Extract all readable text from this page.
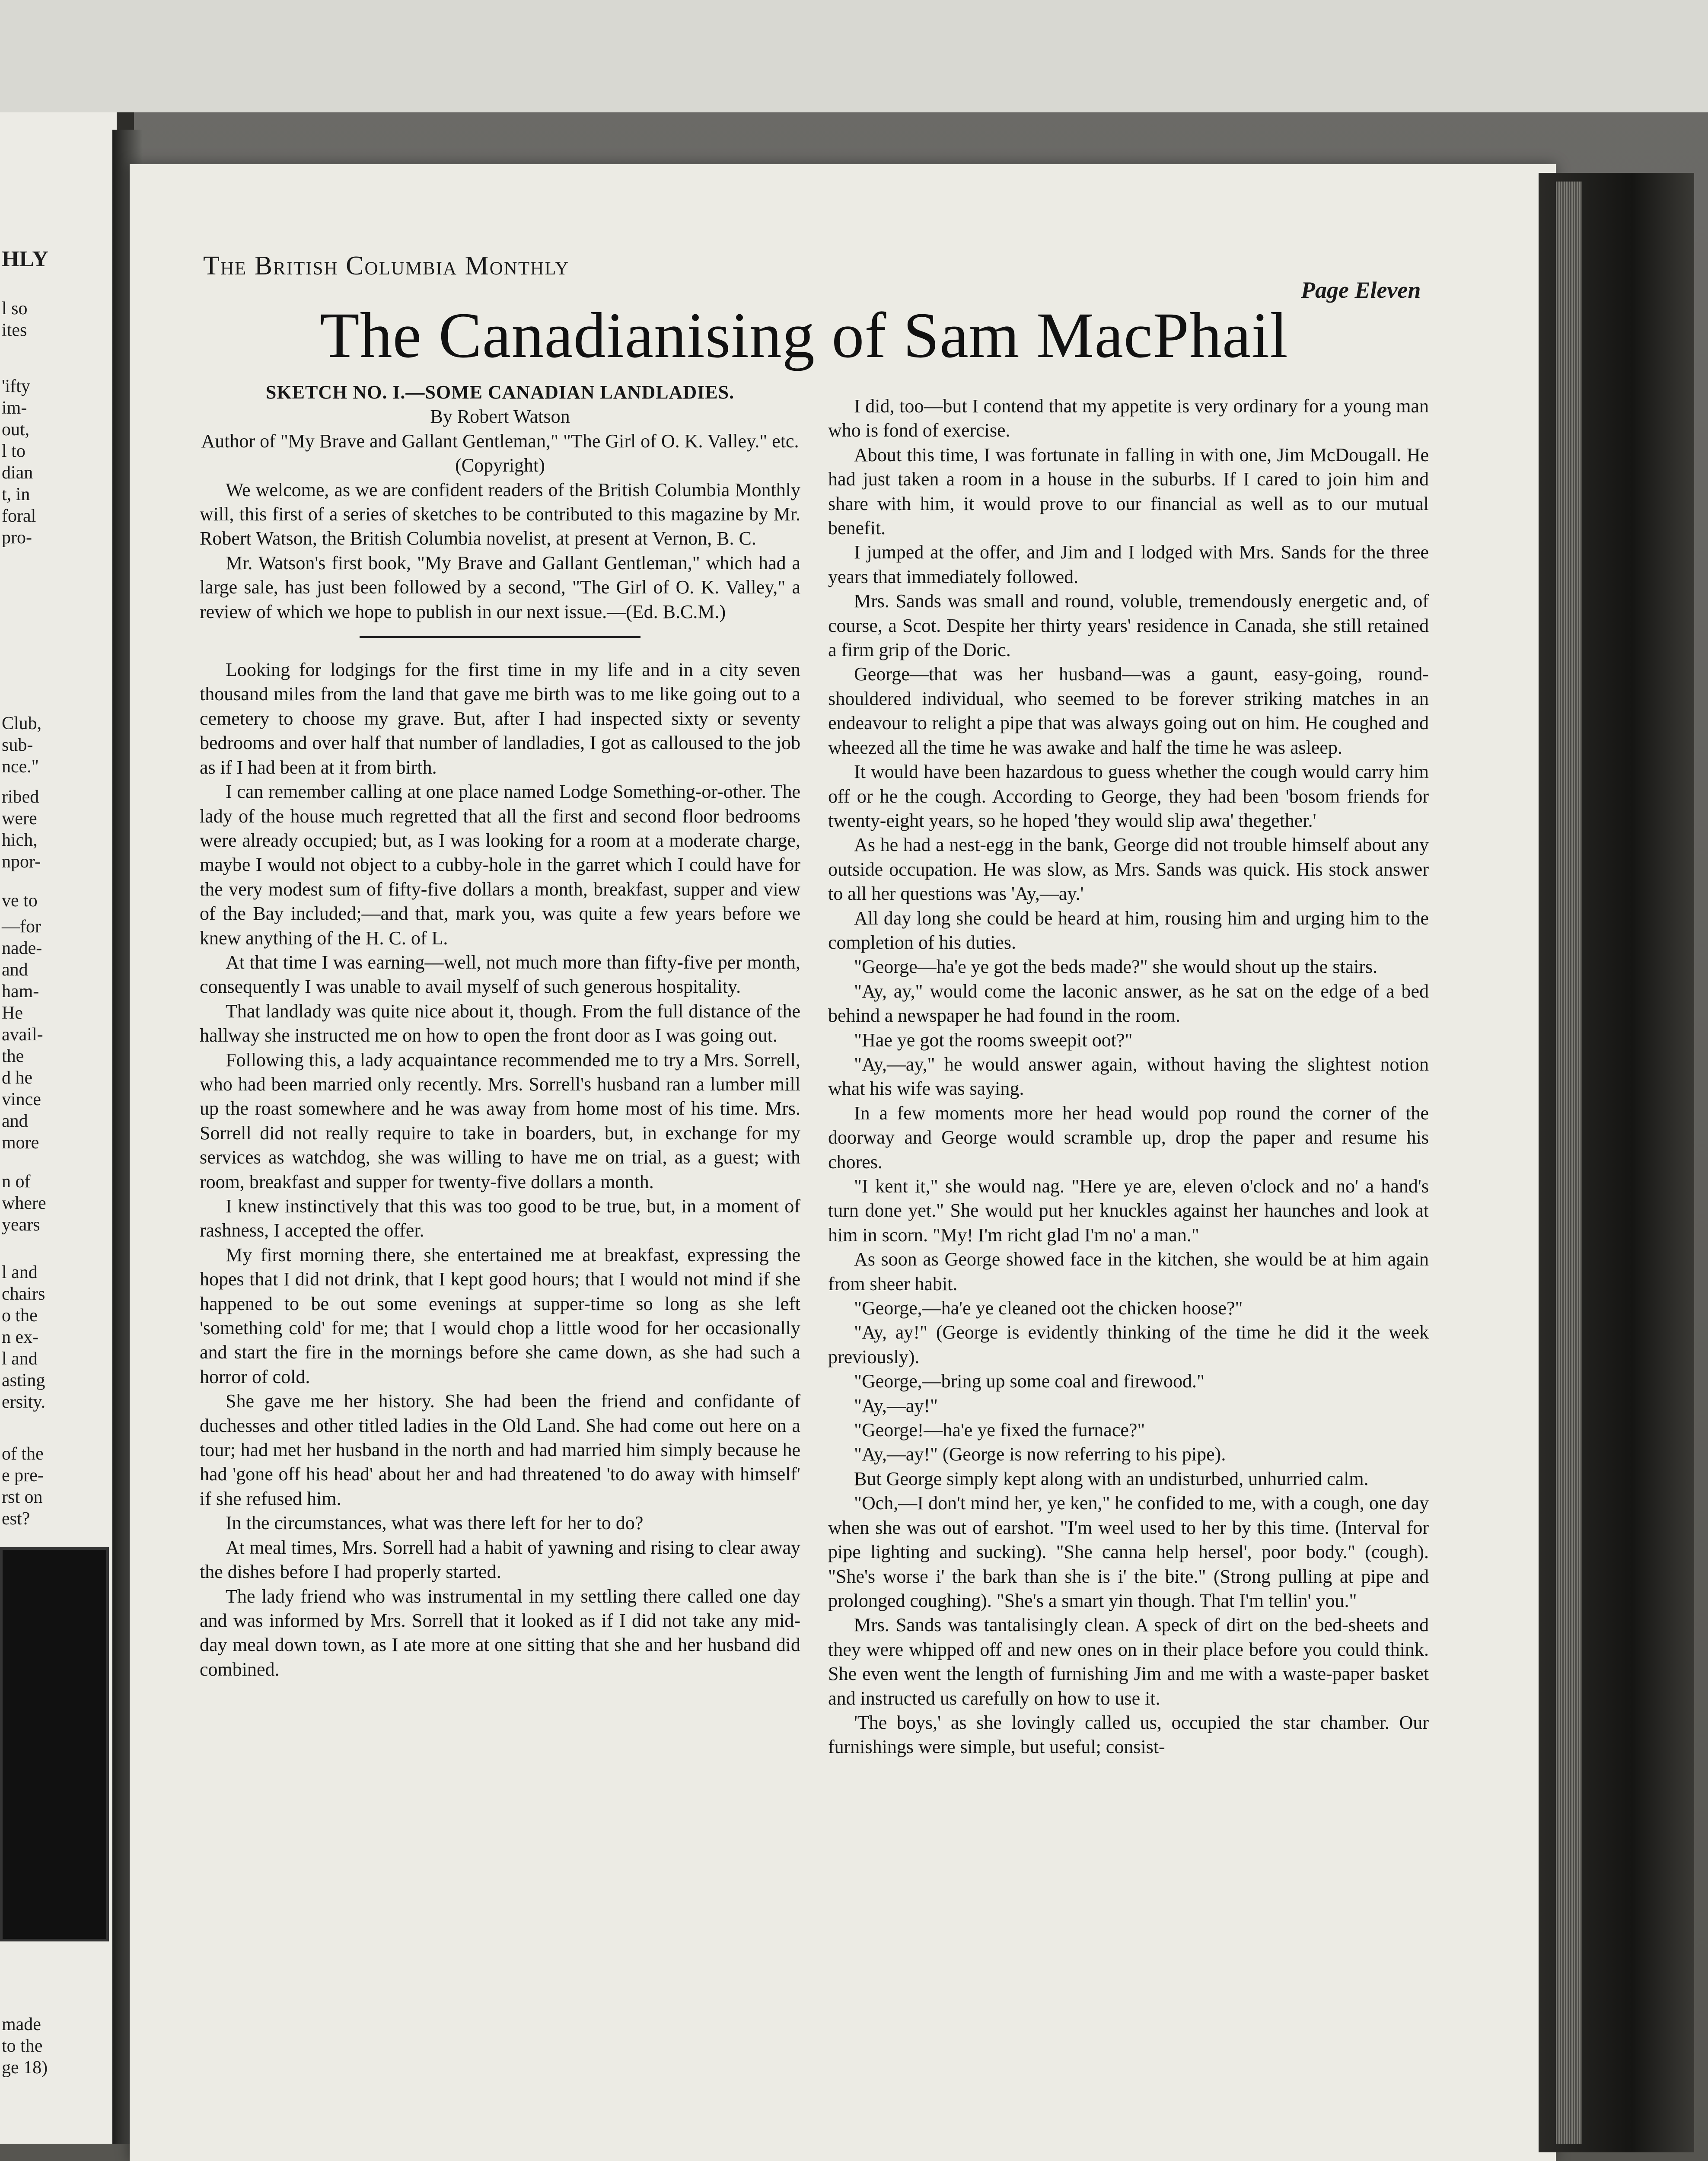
HLY
l so
ites
'ifty
im-
out,
l to
dian
t, in
foral
pro-
Club,
sub-
nce."
ribed
were
hich,
npor-
ve to
—for
nade-
and
ham-
He
avail-
the
d he
vince
and
more
n of
where
years
l and
chairs
o the
n ex-
l and
asting
ersity.
of the
e pre-
rst on
est?
made
to the
ge 18)
The British Columbia Monthly
Page Eleven
The Canadianising of Sam MacPhail

SKETCH NO. I.—SOME CANADIAN LANDLADIES.

By Robert Watson

Author of "My Brave and Gallant Gentleman," "The Girl of O. K. Valley." etc.

(Copyright)

We welcome, as we are confident readers of the British Columbia Monthly will, this first of a series of sketches to be contributed to this magazine by Mr. Robert Watson, the British Columbia novelist, at present at Vernon, B. C.

Mr. Watson's first book, "My Brave and Gallant Gentleman," which had a large sale, has just been followed by a second, "The Girl of O. K. Valley," a review of which we hope to publish in our next issue.—(Ed. B.C.M.)

Looking for lodgings for the first time in my life and in a city seven thousand miles from the land that gave me birth was to me like going out to a cemetery to choose my grave. But, after I had inspected sixty or seventy bedrooms and over half that number of landladies, I got as calloused to the job as if I had been at it from birth.

I can remember calling at one place named Lodge Something-or-other. The lady of the house much regretted that all the first and second floor bedrooms were already occupied; but, as I was looking for a room at a moderate charge, maybe I would not object to a cubby-hole in the garret which I could have for the very modest sum of fifty-five dollars a month, breakfast, supper and view of the Bay included;—and that, mark you, was quite a few years before we knew anything of the H. C. of L.

At that time I was earning—well, not much more than fifty-five per month, consequently I was unable to avail myself of such generous hospitality.

That landlady was quite nice about it, though. From the full distance of the hallway she instructed me on how to open the front door as I was going out.

Following this, a lady acquaintance recommended me to try a Mrs. Sorrell, who had been married only recently. Mrs. Sorrell's husband ran a lumber mill up the roast somewhere and he was away from home most of his time. Mrs. Sorrell did not really require to take in boarders, but, in exchange for my services as watchdog, she was willing to have me on trial, as a guest; with room, breakfast and supper for twenty-five dollars a month.

I knew instinctively that this was too good to be true, but, in a moment of rashness, I accepted the offer.

My first morning there, she entertained me at breakfast, expressing the hopes that I did not drink, that I kept good hours; that I would not mind if she happened to be out some evenings at supper-time so long as she left 'something cold' for me; that I would chop a little wood for her occasionally and start the fire in the mornings before she came down, as she had such a horror of cold.

She gave me her history. She had been the friend and confidante of duchesses and other titled ladies in the Old Land. She had come out here on a tour; had met her husband in the north and had married him simply because he had 'gone off his head' about her and had threatened 'to do away with himself' if she refused him.

In the circumstances, what was there left for her to do?

At meal times, Mrs. Sorrell had a habit of yawning and rising to clear away the dishes before I had properly started.

The lady friend who was instrumental in my settling there called one day and was informed by Mrs. Sorrell that it looked as if I did not take any mid-day meal down town, as I ate more at one sitting that she and her husband did combined.

I did, too—but I contend that my appetite is very ordinary for a young man who is fond of exercise.

About this time, I was fortunate in falling in with one, Jim McDougall. He had just taken a room in a house in the suburbs. If I cared to join him and share with him, it would prove to our financial as well as to our mutual benefit.

I jumped at the offer, and Jim and I lodged with Mrs. Sands for the three years that immediately followed.

Mrs. Sands was small and round, voluble, tremendously energetic and, of course, a Scot. Despite her thirty years' residence in Canada, she still retained a firm grip of the Doric.

George—that was her husband—was a gaunt, easy-going, round-shouldered individual, who seemed to be forever striking matches in an endeavour to relight a pipe that was always going out on him. He coughed and wheezed all the time he was awake and half the time he was asleep.

It would have been hazardous to guess whether the cough would carry him off or he the cough. According to George, they had been 'bosom friends for twenty-eight years, so he hoped 'they would slip awa' thegether.'

As he had a nest-egg in the bank, George did not trouble himself about any outside occupation. He was slow, as Mrs. Sands was quick. His stock answer to all her questions was 'Ay,—ay.'

All day long she could be heard at him, rousing him and urging him to the completion of his duties.

"George—ha'e ye got the beds made?" she would shout up the stairs.

"Ay, ay," would come the laconic answer, as he sat on the edge of a bed behind a newspaper he had found in the room.

"Hae ye got the rooms sweepit oot?"

"Ay,—ay," he would answer again, without having the slightest notion what his wife was saying.

In a few moments more her head would pop round the corner of the doorway and George would scramble up, drop the paper and resume his chores.

"I kent it," she would nag. "Here ye are, eleven o'clock and no' a hand's turn done yet." She would put her knuckles against her haunches and look at him in scorn. "My! I'm richt glad I'm no' a man."

As soon as George showed face in the kitchen, she would be at him again from sheer habit.

"George,—ha'e ye cleaned oot the chicken hoose?"

"Ay, ay!" (George is evidently thinking of the time he did it the week previously).

"George,—bring up some coal and firewood."

"Ay,—ay!"

"George!—ha'e ye fixed the furnace?"

"Ay,—ay!" (George is now referring to his pipe).

But George simply kept along with an undisturbed, unhurried calm.

"Och,—I don't mind her, ye ken," he confided to me, with a cough, one day when she was out of earshot. "I'm weel used to her by this time. (Interval for pipe lighting and sucking). "She canna help hersel', poor body." (cough). "She's worse i' the bark than she is i' the bite." (Strong pulling at pipe and prolonged coughing). "She's a smart yin though. That I'm tellin' you."

Mrs. Sands was tantalisingly clean. A speck of dirt on the bed-sheets and they were whipped off and new ones on in their place before you could think. She even went the length of furnishing Jim and me with a waste-paper basket and instructed us carefully on how to use it.

'The boys,' as she lovingly called us, occupied the star chamber. Our furnishings were simple, but useful; consist-
